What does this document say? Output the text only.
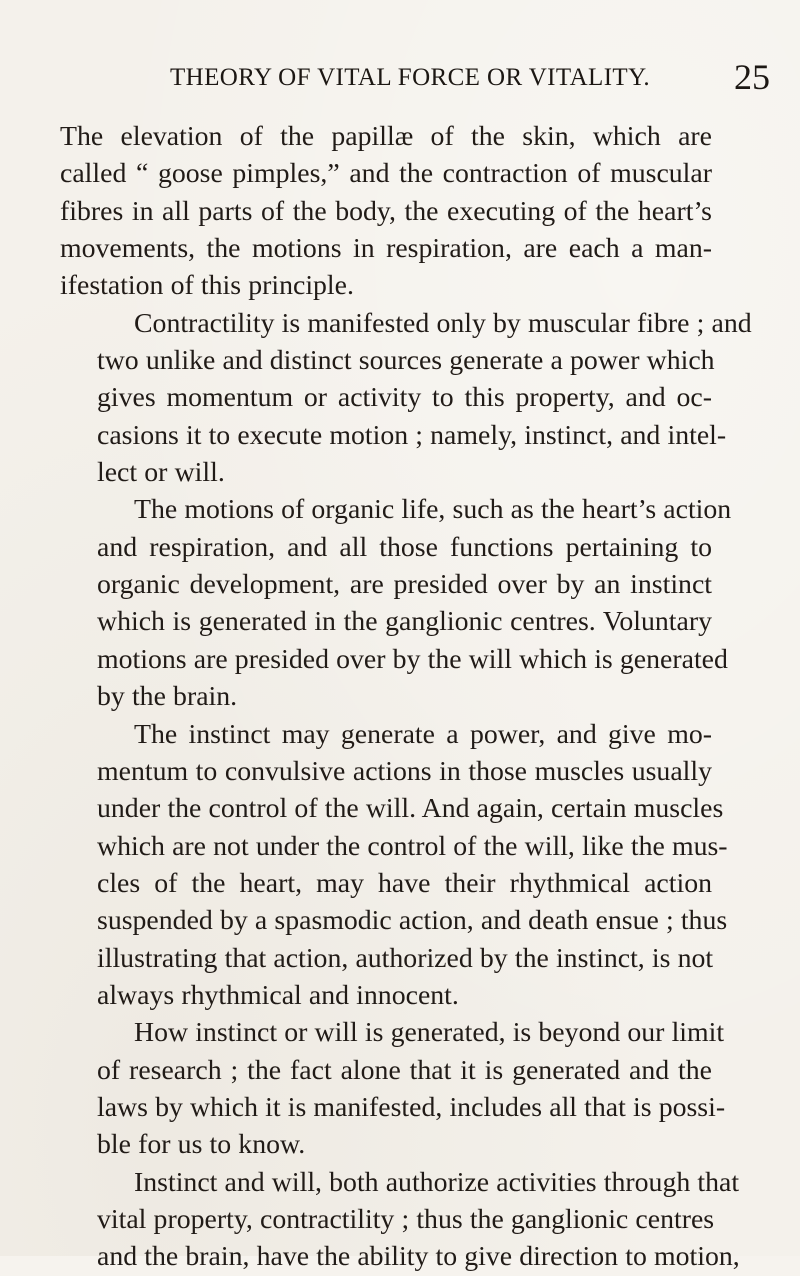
THEORY OF VITAL FORCE OR VITALITY. 25
The elevation of the papillæ of the skin, which are
called “ goose pimples,” and the contraction of muscular
fibres in all parts of the body, the executing of the heart’s
movements, the motions in respiration, are each a man-
ifestation of this principle.
Contractility is manifested only by muscular fibre ; and
two unlike and distinct sources generate a power which
gives momentum or activity to this property, and oc-
casions it to execute motion ; namely, instinct, and intel-
lect or will.
The motions of organic life, such as the heart’s action
and respiration, and all those functions pertaining to
organic development, are presided over by an instinct
which is generated in the ganglionic centres. Voluntary
motions are presided over by the will which is generated
by the brain.
The instinct may generate a power, and give mo-
mentum to convulsive actions in those muscles usually
under the control of the will. And again, certain muscles
which are not under the control of the will, like the mus-
cles of the heart, may have their rhythmical action
suspended by a spasmodic action, and death ensue ; thus
illustrating that action, authorized by the instinct, is not
always rhythmical and innocent.
How instinct or will is generated, is beyond our limit
of research ; the fact alone that it is generated and the
laws by which it is manifested, includes all that is possi-
ble for us to know.
Instinct and will, both authorize activities through that
vital property, contractility ; thus the ganglionic centres
and the brain, have the ability to give direction to motion,
